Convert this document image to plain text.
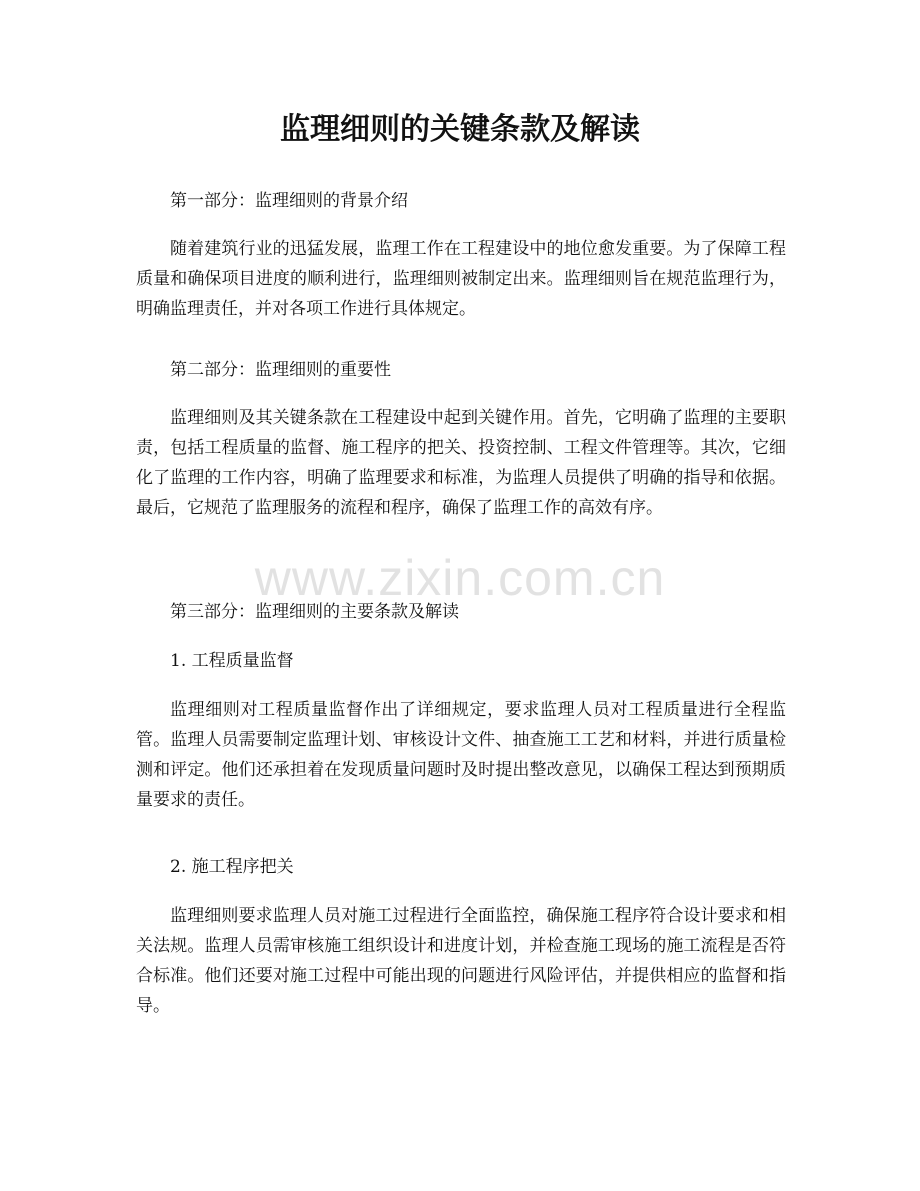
监理细则的关键条款及解读

第一部分：监理细则的背景介绍

随着建筑行业的迅猛发展，监理工作在工程建设中的地位愈发重要。为了保障工程质量和确保项目进度的顺利进行，监理细则被制定出来。监理细则旨在规范监理行为，明确监理责任，并对各项工作进行具体规定。

第二部分：监理细则的重要性

监理细则及其关键条款在工程建设中起到关键作用。首先，它明确了监理的主要职责，包括工程质量的监督、施工程序的把关、投资控制、工程文件管理等。其次，它细化了监理的工作内容，明确了监理要求和标准，为监理人员提供了明确的指导和依据。最后，它规范了监理服务的流程和程序，确保了监理工作的高效有序。

第三部分：监理细则的主要条款及解读

1. 工程质量监督

监理细则对工程质量监督作出了详细规定，要求监理人员对工程质量进行全程监管。监理人员需要制定监理计划、审核设计文件、抽查施工工艺和材料，并进行质量检测和评定。他们还承担着在发现质量问题时及时提出整改意见，以确保工程达到预期质量要求的责任。

2. 施工程序把关

监理细则要求监理人员对施工过程进行全面监控，确保施工程序符合设计要求和相关法规。监理人员需审核施工组织设计和进度计划，并检查施工现场的施工流程是否符合标准。他们还要对施工过程中可能出现的问题进行风险评估，并提供相应的监督和指导。

www.zixin.com.cn
